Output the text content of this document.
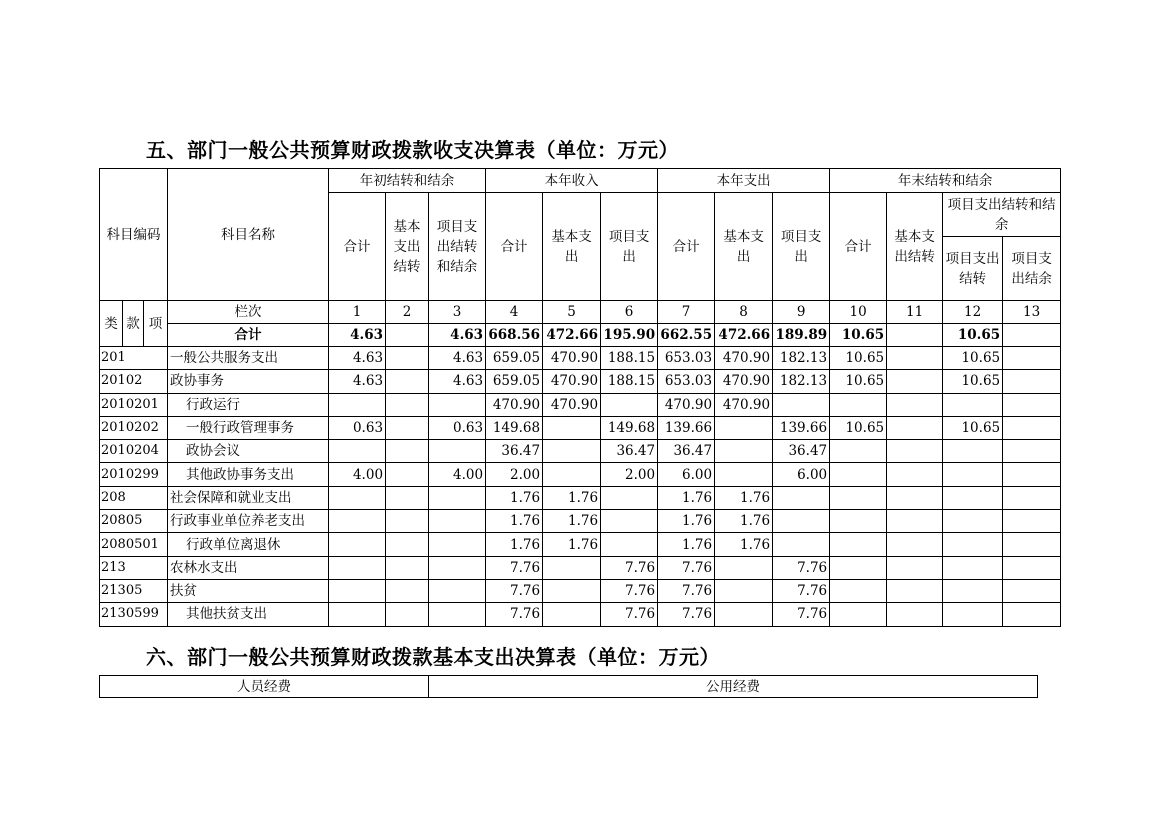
五、部门一般公共预算财政拨款收支决算表（单位：万元）
科目编码			科目名称	年初结转和结余			本年收入			本年支出			年末结转和结余			
				合计	基本支出结转	项目支出结转和结余	合计	基本支出	项目支出	合计	基本支出	项目支出	合计	基本支出结转	项目支出结转和结余	
															项目支出结转	项目支出结余
类	款	项	栏次	1	2	3	4	5	6	7	8	9	10	11	12	13
			合计	4.63		4.63	668.56	472.66	195.90	662.55	472.66	189.89	10.65		10.65	
201			一般公共服务支出	4.63		4.63	659.05	470.90	188.15	653.03	470.90	182.13	10.65		10.65	
20102			政协事务	4.63		4.63	659.05	470.90	188.15	653.03	470.90	182.13	10.65		10.65	
2010201			行政运行				470.90	470.90		470.90	470.90					
2010202			一般行政管理事务	0.63		0.63	149.68		149.68	139.66		139.66	10.65		10.65	
2010204			政协会议				36.47		36.47	36.47		36.47				
2010299			其他政协事务支出	4.00		4.00	2.00		2.00	6.00		6.00				
208			社会保障和就业支出				1.76	1.76		1.76	1.76					
20805			行政事业单位养老支出				1.76	1.76		1.76	1.76					
2080501			行政单位离退休				1.76	1.76		1.76	1.76					
213			农林水支出				7.76		7.76	7.76		7.76				
21305			扶贫				7.76		7.76	7.76		7.76				
2130599			其他扶贫支出				7.76		7.76	7.76		7.76				
六、部门一般公共预算财政拨款基本支出决算表（单位：万元）
人员经费	公用经费
